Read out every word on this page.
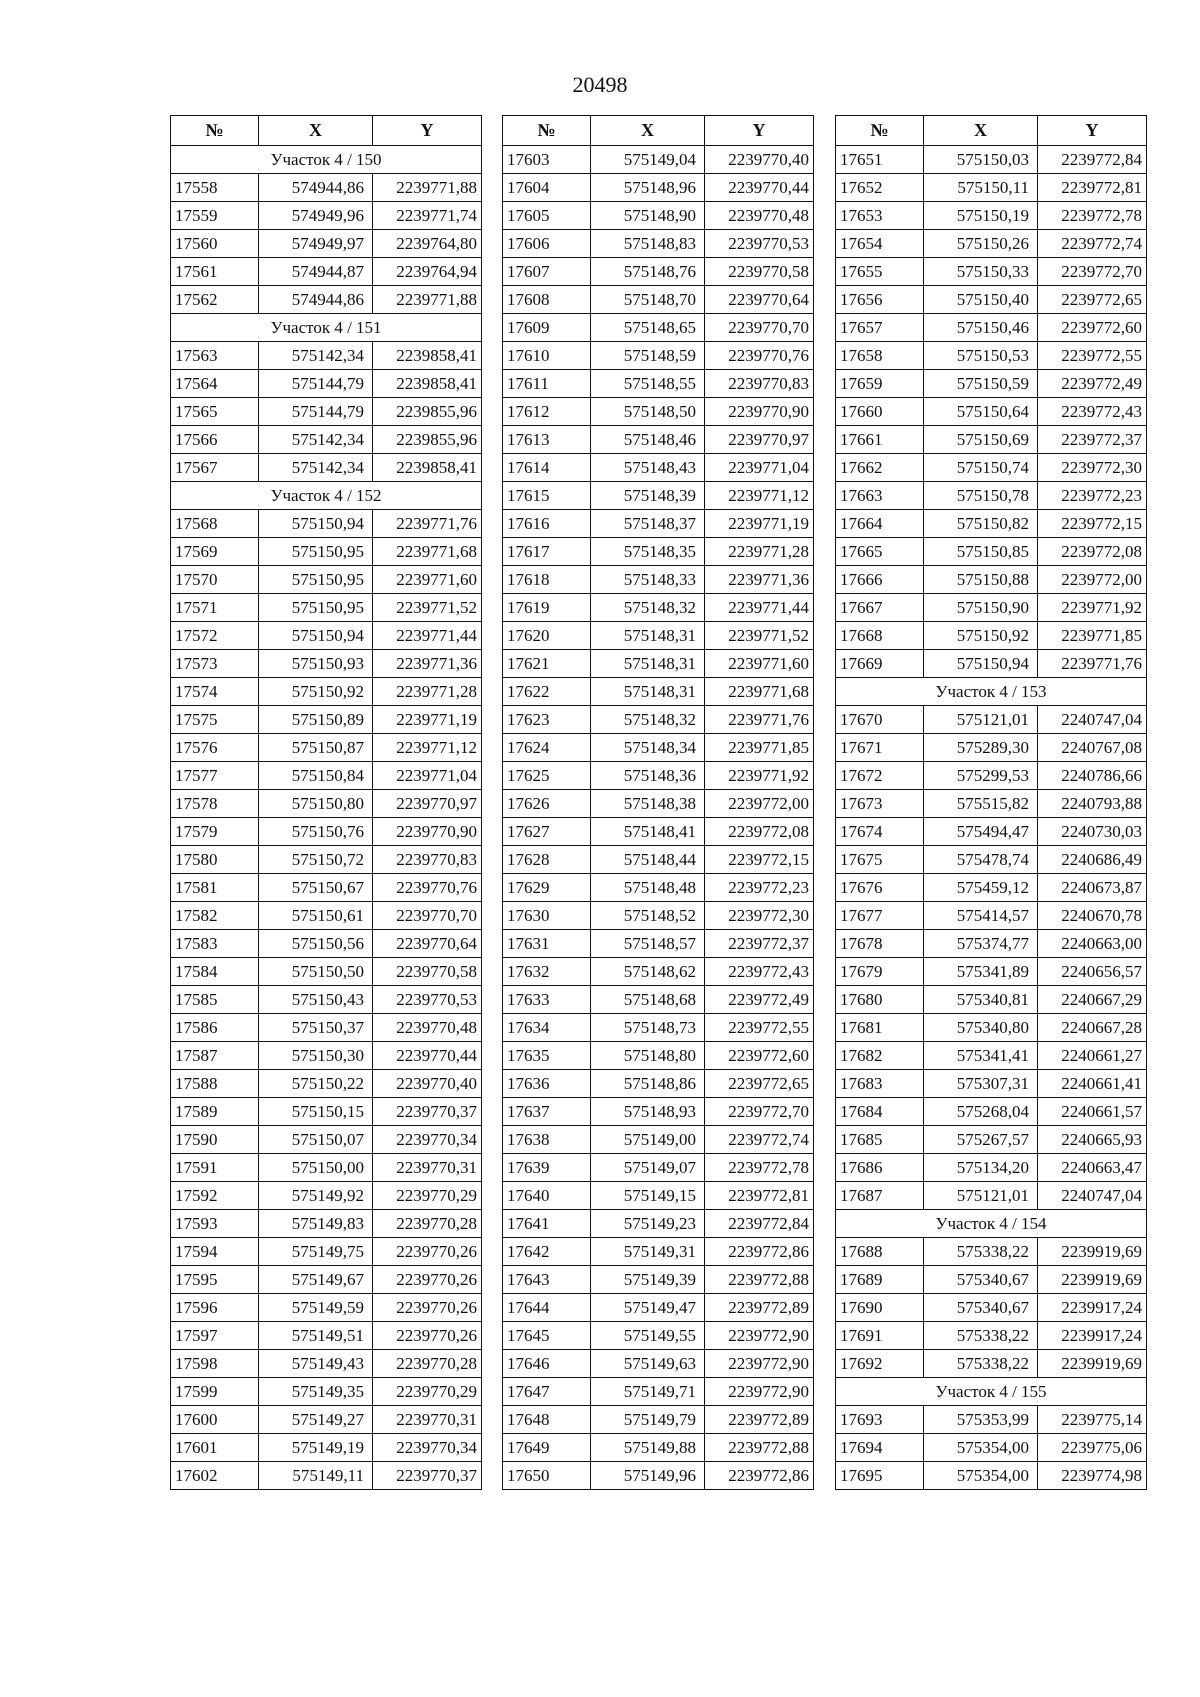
20498
№	X	Y
Участок 4 / 150		
17558	574944,86	2239771,88
17559	574949,96	2239771,74
17560	574949,97	2239764,80
17561	574944,87	2239764,94
17562	574944,86	2239771,88
Участок 4 / 151		
17563	575142,34	2239858,41
17564	575144,79	2239858,41
17565	575144,79	2239855,96
17566	575142,34	2239855,96
17567	575142,34	2239858,41
Участок 4 / 152		
17568	575150,94	2239771,76
17569	575150,95	2239771,68
17570	575150,95	2239771,60
17571	575150,95	2239771,52
17572	575150,94	2239771,44
17573	575150,93	2239771,36
17574	575150,92	2239771,28
17575	575150,89	2239771,19
17576	575150,87	2239771,12
17577	575150,84	2239771,04
17578	575150,80	2239770,97
17579	575150,76	2239770,90
17580	575150,72	2239770,83
17581	575150,67	2239770,76
17582	575150,61	2239770,70
17583	575150,56	2239770,64
17584	575150,50	2239770,58
17585	575150,43	2239770,53
17586	575150,37	2239770,48
17587	575150,30	2239770,44
17588	575150,22	2239770,40
17589	575150,15	2239770,37
17590	575150,07	2239770,34
17591	575150,00	2239770,31
17592	575149,92	2239770,29
17593	575149,83	2239770,28
17594	575149,75	2239770,26
17595	575149,67	2239770,26
17596	575149,59	2239770,26
17597	575149,51	2239770,26
17598	575149,43	2239770,28
17599	575149,35	2239770,29
17600	575149,27	2239770,31
17601	575149,19	2239770,34
17602	575149,11	2239770,37
№	X	Y
17603	575149,04	2239770,40
17604	575148,96	2239770,44
17605	575148,90	2239770,48
17606	575148,83	2239770,53
17607	575148,76	2239770,58
17608	575148,70	2239770,64
17609	575148,65	2239770,70
17610	575148,59	2239770,76
17611	575148,55	2239770,83
17612	575148,50	2239770,90
17613	575148,46	2239770,97
17614	575148,43	2239771,04
17615	575148,39	2239771,12
17616	575148,37	2239771,19
17617	575148,35	2239771,28
17618	575148,33	2239771,36
17619	575148,32	2239771,44
17620	575148,31	2239771,52
17621	575148,31	2239771,60
17622	575148,31	2239771,68
17623	575148,32	2239771,76
17624	575148,34	2239771,85
17625	575148,36	2239771,92
17626	575148,38	2239772,00
17627	575148,41	2239772,08
17628	575148,44	2239772,15
17629	575148,48	2239772,23
17630	575148,52	2239772,30
17631	575148,57	2239772,37
17632	575148,62	2239772,43
17633	575148,68	2239772,49
17634	575148,73	2239772,55
17635	575148,80	2239772,60
17636	575148,86	2239772,65
17637	575148,93	2239772,70
17638	575149,00	2239772,74
17639	575149,07	2239772,78
17640	575149,15	2239772,81
17641	575149,23	2239772,84
17642	575149,31	2239772,86
17643	575149,39	2239772,88
17644	575149,47	2239772,89
17645	575149,55	2239772,90
17646	575149,63	2239772,90
17647	575149,71	2239772,90
17648	575149,79	2239772,89
17649	575149,88	2239772,88
17650	575149,96	2239772,86
№	X	Y
17651	575150,03	2239772,84
17652	575150,11	2239772,81
17653	575150,19	2239772,78
17654	575150,26	2239772,74
17655	575150,33	2239772,70
17656	575150,40	2239772,65
17657	575150,46	2239772,60
17658	575150,53	2239772,55
17659	575150,59	2239772,49
17660	575150,64	2239772,43
17661	575150,69	2239772,37
17662	575150,74	2239772,30
17663	575150,78	2239772,23
17664	575150,82	2239772,15
17665	575150,85	2239772,08
17666	575150,88	2239772,00
17667	575150,90	2239771,92
17668	575150,92	2239771,85
17669	575150,94	2239771,76
Участок 4 / 153		
17670	575121,01	2240747,04
17671	575289,30	2240767,08
17672	575299,53	2240786,66
17673	575515,82	2240793,88
17674	575494,47	2240730,03
17675	575478,74	2240686,49
17676	575459,12	2240673,87
17677	575414,57	2240670,78
17678	575374,77	2240663,00
17679	575341,89	2240656,57
17680	575340,81	2240667,29
17681	575340,80	2240667,28
17682	575341,41	2240661,27
17683	575307,31	2240661,41
17684	575268,04	2240661,57
17685	575267,57	2240665,93
17686	575134,20	2240663,47
17687	575121,01	2240747,04
Участок 4 / 154		
17688	575338,22	2239919,69
17689	575340,67	2239919,69
17690	575340,67	2239917,24
17691	575338,22	2239917,24
17692	575338,22	2239919,69
Участок 4 / 155		
17693	575353,99	2239775,14
17694	575354,00	2239775,06
17695	575354,00	2239774,98
